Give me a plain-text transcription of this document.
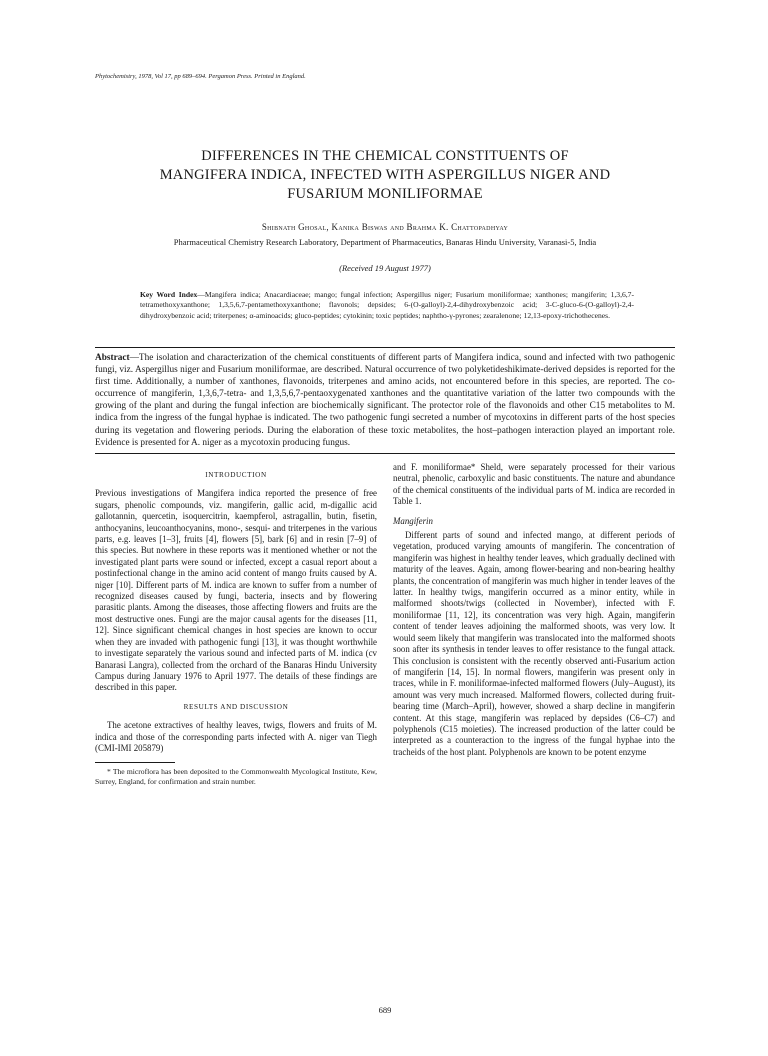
Phytochemistry, 1978, Vol 17, pp 689–694. Pergamon Press. Printed in England.
DIFFERENCES IN THE CHEMICAL CONSTITUENTS OF
MANGIFERA INDICA, INFECTED WITH ASPERGILLUS NIGER AND
FUSARIUM MONILIFORMAE
Shibnath Ghosal, Kanika Biswas and Brahma K. Chattopadhyay
Pharmaceutical Chemistry Research Laboratory, Department of Pharmaceutics, Banaras Hindu University, Varanasi-5, India
(Received 19 August 1977)
Key Word Index—Mangifera indica; Anacardiaceae; mango; fungal infection; Aspergillus niger; Fusarium moniliformae; xanthones; mangiferin; 1,3,6,7-tetramethoxyxanthone; 1,3,5,6,7-pentamethoxyxanthone; flavonols; depsides; 6-(O-galloyl)-2,4-dihydroxybenzoic acid; 3-C-gluco-6-(O-galloyl)-2,4-dihydroxybenzoic acid; triterpenes; α-aminoacids; gluco-peptides; cytokinin; toxic peptides; naphtho-γ-pyrones; zearalenone; 12,13-epoxy-trichothecenes.
Abstract—The isolation and characterization of the chemical constituents of different parts of Mangifera indica, sound and infected with two pathogenic fungi, viz. Aspergillus niger and Fusarium moniliformae, are described. Natural occurrence of two polyketideshikimate-derived depsides is reported for the first time. Additionally, a number of xanthones, flavonoids, triterpenes and amino acids, not encountered before in this species, are reported. The co-occurrence of mangiferin, 1,3,6,7-tetra- and 1,3,5,6,7-pentaoxygenated xanthones and the quantitative variation of the latter two compounds with the growing of the plant and during the fungal infection are biochemically significant. The protector role of the flavonoids and other C15 metabolites to M. indica from the ingress of the fungal hyphae is indicated. The two pathogenic fungi secreted a number of mycotoxins in different parts of the host species during its vegetation and flowering periods. During the elaboration of these toxic metabolites, the host–pathogen interaction played an important role. Evidence is presented for A. niger as a mycotoxin producing fungus.
INTRODUCTION

Previous investigations of Mangifera indica reported the presence of free sugars, phenolic compounds, viz. mangiferin, gallic acid, m-digallic acid gallotannin, quercetin, isoquercitrin, kaempferol, astragallin, butin, fisetin, anthocyanins, leucoanthocyanins, mono-, sesqui- and triterpenes in the various parts, e.g. leaves [1–3], fruits [4], flowers [5], bark [6] and in resin [7–9] of this species. But nowhere in these reports was it mentioned whether or not the investigated plant parts were sound or infected, except a casual report about a postinfectional change in the amino acid content of mango fruits caused by A. niger [10]. Different parts of M. indica are known to suffer from a number of recognized diseases caused by fungi, bacteria, insects and by flowering parasitic plants. Among the diseases, those affecting flowers and fruits are the most destructive ones. Fungi are the major causal agents for the diseases [11, 12]. Since significant chemical changes in host species are known to occur when they are invaded with pathogenic fungi [13], it was thought worthwhile to investigate separately the various sound and infected parts of M. indica (cv Banarasi Langra), collected from the orchard of the Banaras Hindu University Campus during January 1976 to April 1977. The details of these findings are described in this paper.

RESULTS AND DISCUSSION

The acetone extractives of healthy leaves, twigs, flowers and fruits of M. indica and those of the corresponding parts infected with A. niger van Tiegh (CMI-IMI 205879)

* The microflora has been deposited to the Commonwealth Mycological Institute, Kew, Surrey, England, for confirmation and strain number.

and F. moniliformae* Sheld, were separately processed for their various neutral, phenolic, carboxylic and basic constituents. The nature and abundance of the chemical constituents of the individual parts of M. indica are recorded in Table 1.

Mangiferin

Different parts of sound and infected mango, at different periods of vegetation, produced varying amounts of mangiferin. The concentration of mangiferin was highest in healthy tender leaves, which gradually declined with maturity of the leaves. Again, among flower-bearing and non-bearing healthy plants, the concentration of mangiferin was much higher in tender leaves of the latter. In healthy twigs, mangiferin occurred as a minor entity, while in malformed shoots/twigs (collected in November), infected with F. moniliformae [11, 12], its concentration was very high. Again, mangiferin content of tender leaves adjoining the malformed shoots, was very low. It would seem likely that mangiferin was translocated into the malformed shoots soon after its synthesis in tender leaves to offer resistance to the fungal attack. This conclusion is consistent with the recently observed anti-Fusarium action of mangiferin [14, 15]. In normal flowers, mangiferin was present only in traces, while in F. moniliformae-infected malformed flowers (July–August), its amount was very much increased. Malformed flowers, collected during fruit-bearing time (March–April), however, showed a sharp decline in mangiferin content. At this stage, mangiferin was replaced by depsides (C6–C7) and polyphenols (C15 moieties). The increased production of the latter could be interpreted as a counteraction to the ingress of the fungal hyphae into the tracheids of the host plant. Polyphenols are known to be potent enzyme

689
